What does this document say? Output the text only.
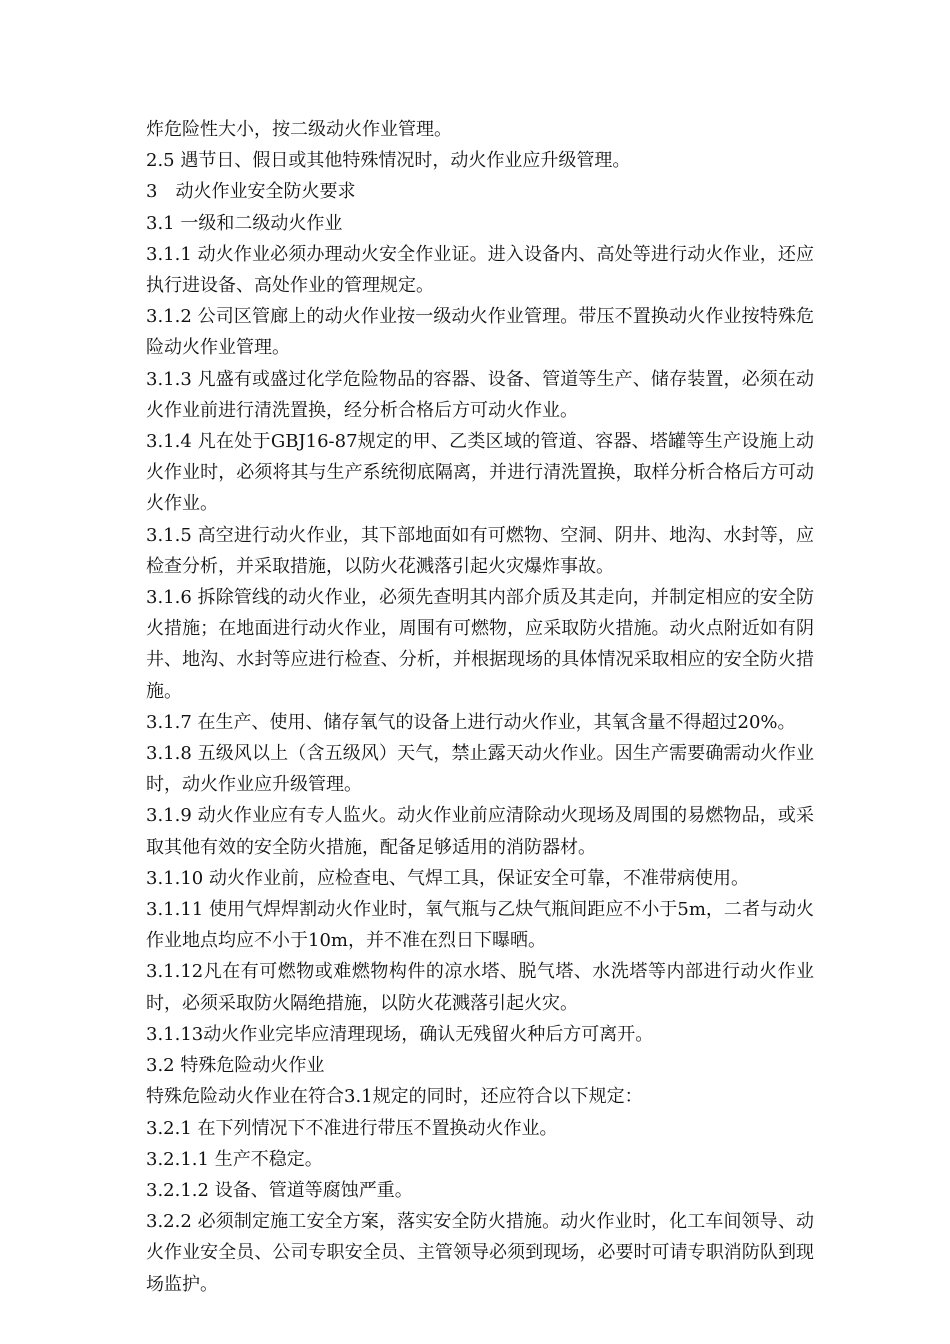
炸危险性大小，按二级动火作业管理。

2.5 遇节日、假日或其他特殊情况时，动火作业应升级管理。

3　动火作业安全防火要求

3.1 一级和二级动火作业

3.1.1 动火作业必须办理动火安全作业证。进入设备内、高处等进行动火作业，还应执行进设备、高处作业的管理规定。

3.1.2 公司区管廊上的动火作业按一级动火作业管理。带压不置换动火作业按特殊危险动火作业管理。

3.1.3 凡盛有或盛过化学危险物品的容器、设备、管道等生产、储存装置，必须在动火作业前进行清洗置换，经分析合格后方可动火作业。

3.1.4 凡在处于GBJ16-87规定的甲、乙类区域的管道、容器、塔罐等生产设施上动火作业时，必须将其与生产系统彻底隔离，并进行清洗置换，取样分析合格后方可动火作业。

3.1.5 高空进行动火作业，其下部地面如有可燃物、空洞、阴井、地沟、水封等，应检查分析，并采取措施，以防火花溅落引起火灾爆炸事故。

3.1.6 拆除管线的动火作业，必须先查明其内部介质及其走向，并制定相应的安全防火措施；在地面进行动火作业，周围有可燃物，应采取防火措施。动火点附近如有阴井、地沟、水封等应进行检查、分析，并根据现场的具体情况采取相应的安全防火措施。

3.1.7 在生产、使用、储存氧气的设备上进行动火作业，其氧含量不得超过20%。

3.1.8 五级风以上（含五级风）天气，禁止露天动火作业。因生产需要确需动火作业时，动火作业应升级管理。

3.1.9 动火作业应有专人监火。动火作业前应清除动火现场及周围的易燃物品，或采取其他有效的安全防火措施，配备足够适用的消防器材。

3.1.10 动火作业前，应检查电、气焊工具，保证安全可靠，不准带病使用。

3.1.11 使用气焊焊割动火作业时，氧气瓶与乙炔气瓶间距应不小于5m，二者与动火作业地点均应不小于10m，并不准在烈日下曝晒。

3.1.12凡在有可燃物或难燃物构件的凉水塔、脱气塔、水洗塔等内部进行动火作业时，必须采取防火隔绝措施，以防火花溅落引起火灾。

3.1.13动火作业完毕应清理现场，确认无残留火种后方可离开。

3.2 特殊危险动火作业

特殊危险动火作业在符合3.1规定的同时，还应符合以下规定：

3.2.1 在下列情况下不准进行带压不置换动火作业。

3.2.1.1 生产不稳定。

3.2.1.2 设备、管道等腐蚀严重。

3.2.2 必须制定施工安全方案，落实安全防火措施。动火作业时，化工车间领导、动火作业安全员、公司专职安全员、主管领导必须到现场，必要时可请专职消防队到现场监护。
